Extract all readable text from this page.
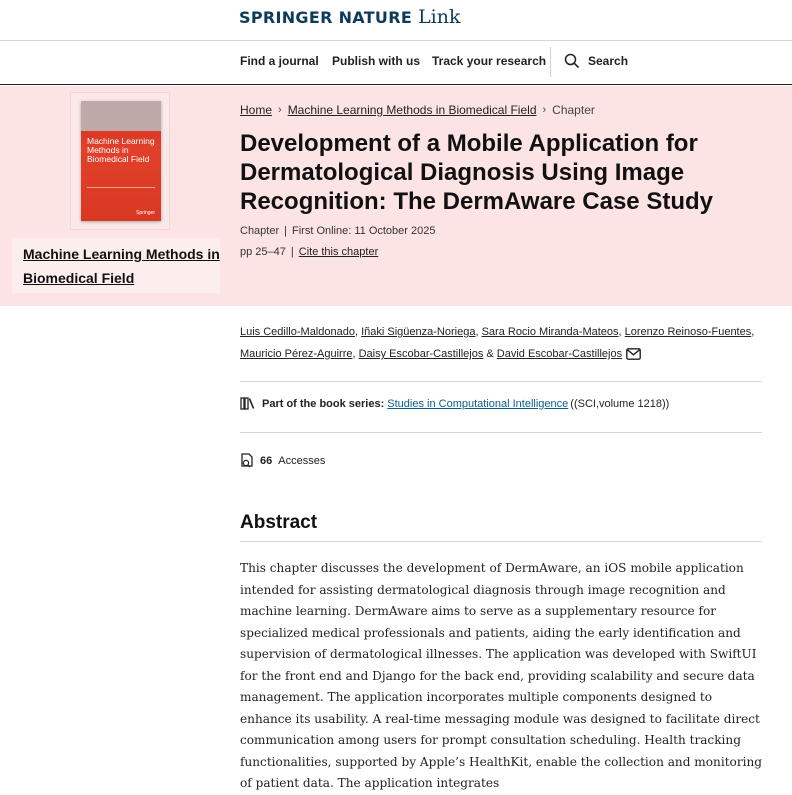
SPRINGER NATURE Link
Find a journal Publish with us Track your research	Search
Machine Learning Methods in Biomedical Field
Springer
Machine Learning Methods in Biomedical Field
Home › Machine Learning Methods in Biomedical Field › Chapter
Development of a Mobile Application for Dermatological Diagnosis Using Image Recognition: The DermAware Case Study
Chapter | First Online: 11 October 2025
pp 25–47 | Cite this chapter
Luis Cedillo-Maldonado, Iñaki Sigüenza-Noriega, Sara Rocio Miranda-Mateos, Lorenzo Reinoso-Fuentes, Mauricio Pérez-Aguirre, Daisy Escobar-Castillejos & David Escobar-Castillejos
Part of the book series: Studies in Computational Intelligence ((SCI,volume 1218))
66 Accesses
Abstract

This chapter discusses the development of DermAware, an iOS mobile application intended for assisting dermatological diagnosis through image recognition and machine learning. DermAware aims to serve as a supplementary resource for specialized medical professionals and patients, aiding the early identification and supervision of dermatological illnesses. The application was developed with SwiftUI for the front end and Django for the back end, providing scalability and secure data management. The application incorporates multiple components designed to enhance its usability. A real-time messaging module was designed to facilitate direct communication among users for prompt consultation scheduling. Health tracking functionalities, supported by Apple’s HealthKit, enable the collection and monitoring of patient data. The application integrates
